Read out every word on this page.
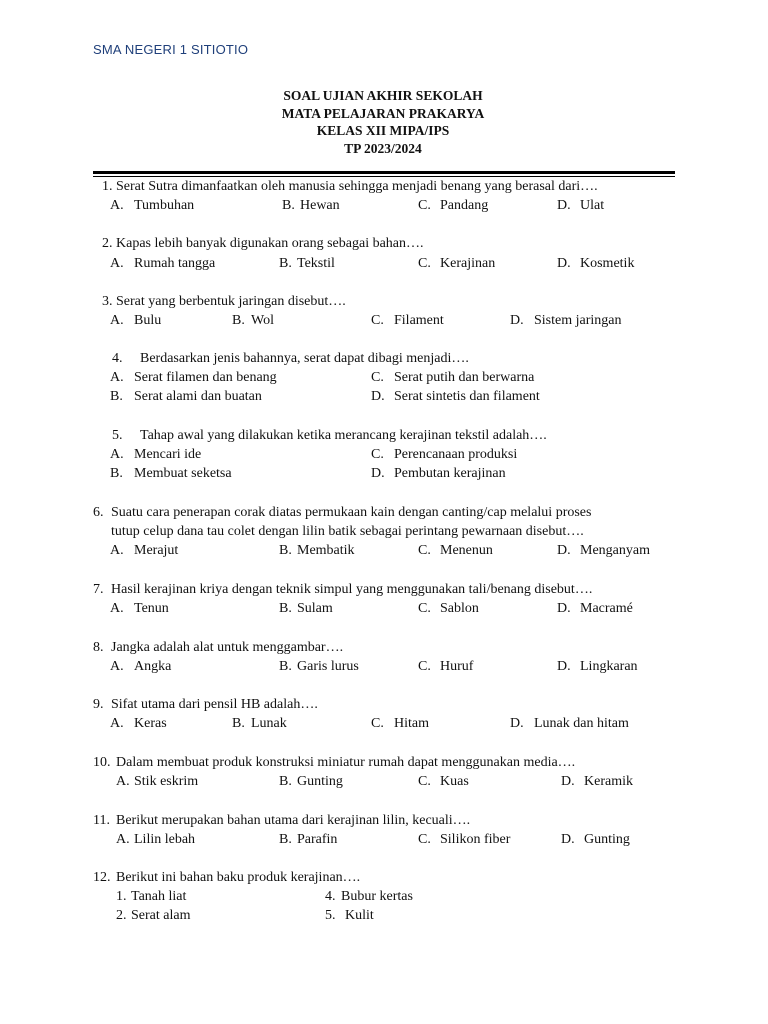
SMA NEGERI 1 SITIOTIO
SOAL UJIAN AKHIR SEKOLAH
MATA PELAJARAN PRAKARYA
KELAS XII MIPA/IPS
TP 2023/2024
1. Serat Sutra dimanfaatkan oleh manusia sehingga menjadi benang yang berasal dari….
A. Tumbuhan	B. Hewan	C. Pandang	D. Ulat
2. Kapas lebih banyak digunakan orang sebagai bahan….
A. Rumah tangga	B. Tekstil	C. Kerajinan	D. Kosmetik
3. Serat yang berbentuk jaringan disebut….
A. Bulu	B. Wol	C. Filament	D. Sistem jaringan
4. Berdasarkan jenis bahannya, serat dapat dibagi menjadi….
A. Serat filamen dan benang	C. Serat putih dan berwarna
B. Serat alami dan buatan	D. Serat sintetis dan filament
5. Tahap awal yang dilakukan ketika merancang kerajinan tekstil adalah….
A. Mencari ide	C. Perencanaan produksi
B. Membuat seketsa	D. Pembutan kerajinan
6. Suatu cara penerapan corak diatas permukaan kain dengan canting/cap melalui proses
tutup celup dana tau colet dengan lilin batik sebagai perintang pewarnaan disebut….
A. Merajut	B. Membatik	C. Menenun	D. Menganyam
7. Hasil kerajinan kriya dengan teknik simpul yang menggunakan tali/benang disebut….
A. Tenun	B. Sulam	C. Sablon	D. Macramé
8. Jangka adalah alat untuk menggambar….
A. Angka	B. Garis lurus	C. Huruf	D. Lingkaran
9. Sifat utama dari pensil HB adalah….
A. Keras	B. Lunak	C. Hitam	D. Lunak dan hitam
10. Dalam membuat produk konstruksi miniatur rumah dapat menggunakan media….
A. Stik eskrim	B. Gunting	C. Kuas	D. Keramik
11. Berikut merupakan bahan utama dari kerajinan lilin, kecuali….
A. Lilin lebah	B. Parafin	C. Silikon fiber	D. Gunting
12. Berikut ini bahan baku produk kerajinan….
1. Tanah liat	4. Bubur kertas
2. Serat alam	5. Kulit
